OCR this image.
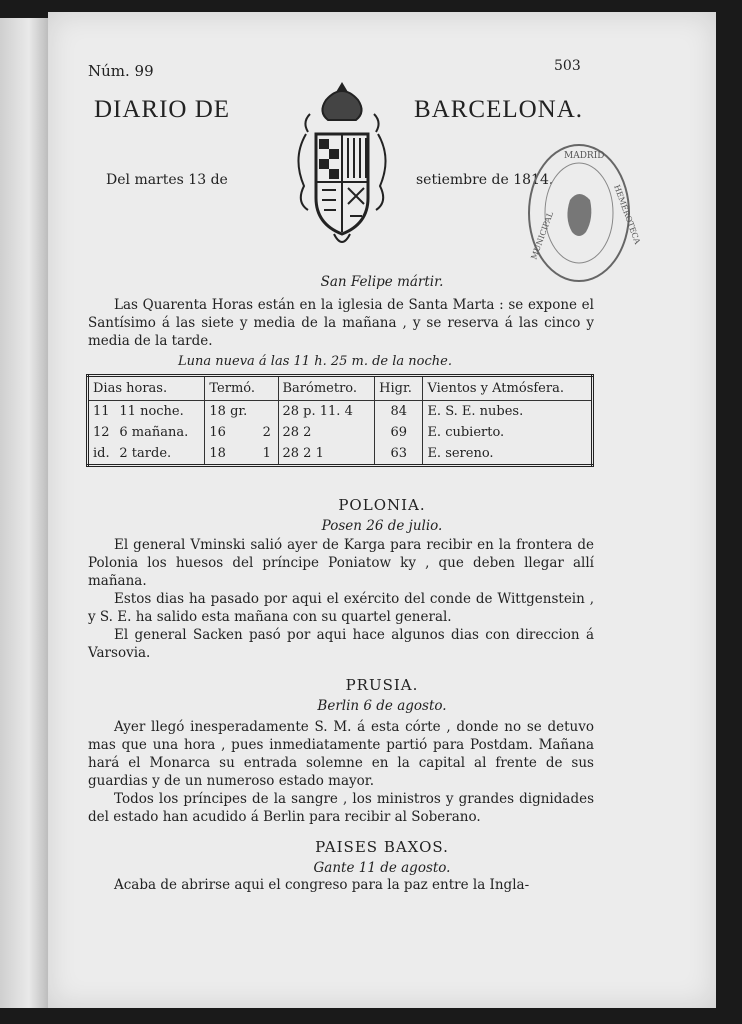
Núm. 99	503
DIARIO DE	BARCELONA.
Del martes 13 de	setiembre de 1814.
MADRID
HEMEROTECA
MUNICIPAL
San Felipe mártir.

Las Quarenta Horas están en la iglesia de Santa Marta : se expone el Santísimo á las siete y media de la mañana , y se reserva á las cinco y media de la tarde.

Luna nueva á las 11 h. 25 m. de la noche.
Dias horas.		Termó.		Barómetro.	Higr.	Vientos y Atmósfera.
11	11 noche.	18 gr.		28 p. 11. 4	84	E. S. E. nubes.
12	6 mañana.	16	2	28 2	69	E. cubierto.
id.	2 tarde.	18	1	28 2 1	63	E. sereno.
POLONIA.
Posen 26 de julio.

El general Vminski salió ayer de Karga para recibir en la frontera de Polonia los huesos del príncipe Poniatow ky , que deben llegar allí mañana.

Estos dias ha pasado por aqui el exército del conde de Wittgenstein , y S. E. ha salido esta mañana con su quartel general.

El general Sacken pasó por aqui hace algunos dias con direccion á Varsovia.

PRUSIA.
Berlin 6 de agosto.

Ayer llegó inesperadamente S. M. á esta córte , donde no se detuvo mas que una hora , pues inmediatamente partió para Postdam. Mañana hará el Monarca su entrada solemne en la capital al frente de sus guardias y de un numeroso estado mayor.

Todos los príncipes de la sangre , los ministros y grandes dignidades del estado han acudido á Berlin para recibir al Soberano.

PAISES BAXOS.
Gante 11 de agosto.

Acaba de abrirse aqui el congreso para la paz entre la Ingla-
